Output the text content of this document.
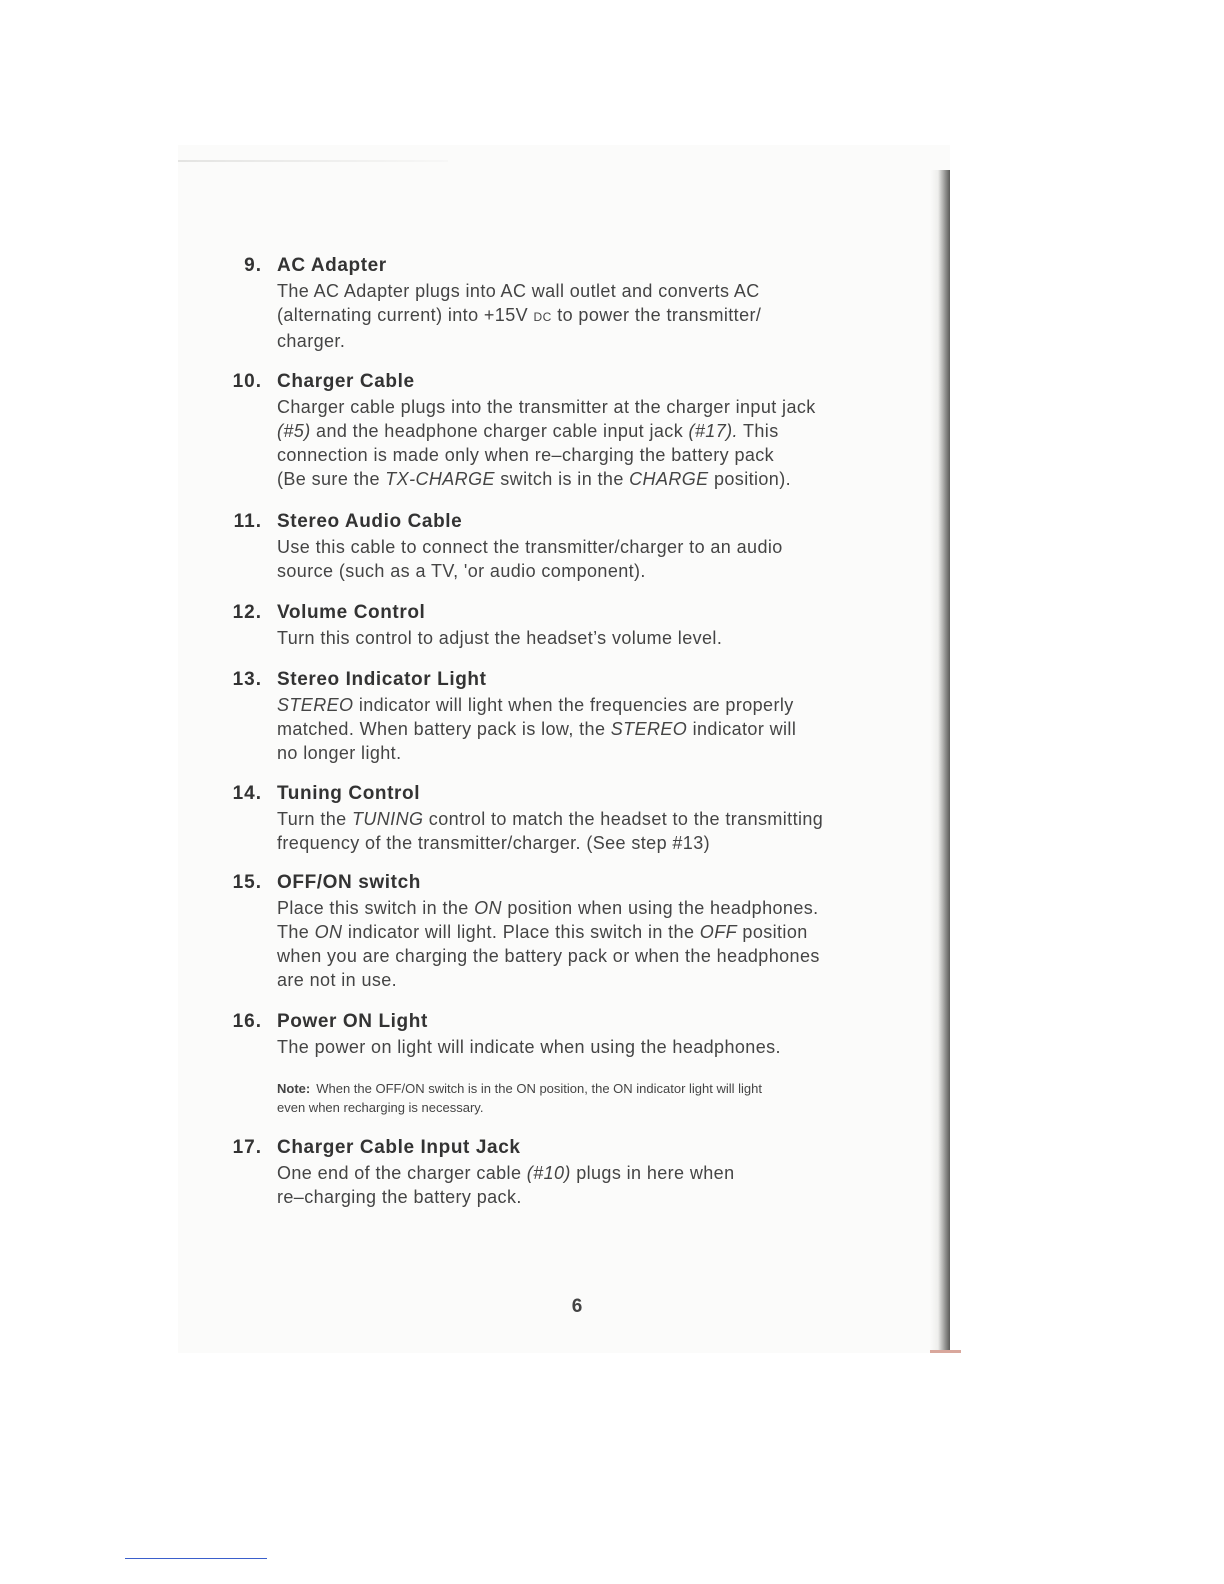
9. AC Adapter
The AC Adapter plugs into AC wall outlet and converts AC
(alternating current) into +15V DC to power the transmitter/
charger.
10. Charger Cable
Charger cable plugs into the transmitter at the charger input jack
(#5) and the headphone charger cable input jack (#17). This
connection is made only when re–charging the battery pack
(Be sure the TX-CHARGE switch is in the CHARGE position).
11. Stereo Audio Cable
Use this cable to connect the transmitter/charger to an audio
source (such as a TV, 'or audio component).
12. Volume Control
Turn this control to adjust the headset’s volume level.
13. Stereo Indicator Light
STEREO indicator will light when the frequencies are properly
matched. When battery pack is low, the STEREO indicator will
no longer light.
14. Tuning Control
Turn the TUNING control to match the headset to the transmitting
frequency of the transmitter/charger. (See step #13)
15. OFF/ON switch
Place this switch in the ON position when using the headphones.
The ON indicator will light. Place this switch in the OFF position
when you are charging the battery pack or when the headphones
are not in use.
16. Power ON Light
The power on light will indicate when using the headphones.
Note: When the OFF/ON switch is in the ON position, the ON indicator light will light
even when recharging is necessary.
17. Charger Cable Input Jack
One end of the charger cable (#10) plugs in here when
re–charging the battery pack.
6
